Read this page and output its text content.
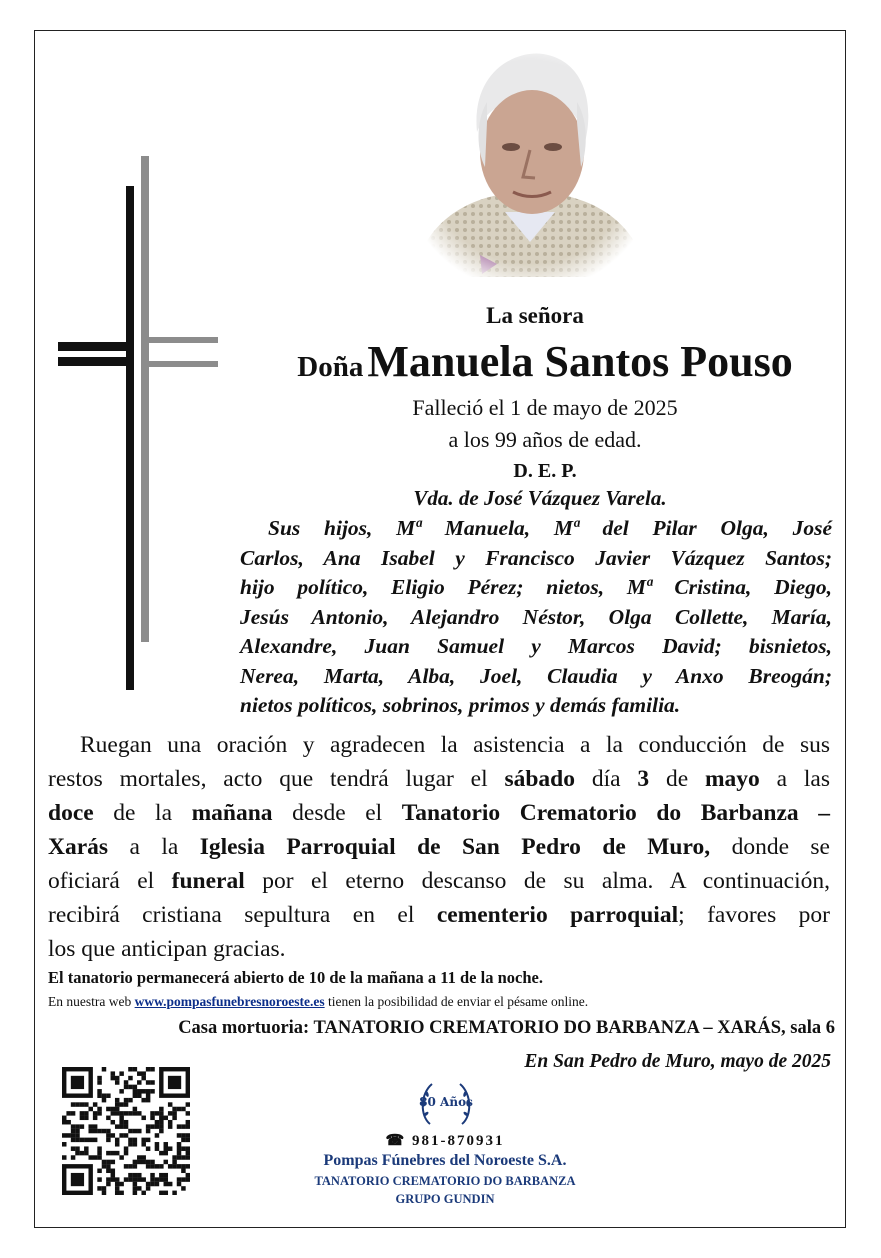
La señora
Doña Manuela Santos Pouso
Falleció el 1 de mayo de 2025
a los 99 años de edad.
D. E. P.
Vda. de José Vázquez Varela.
Sus hijos, Mª Manuela, Mª del Pilar Olga, José
Carlos, Ana Isabel y Francisco Javier Vázquez Santos;
hijo político, Eligio Pérez; nietos, Mª Cristina, Diego,
Jesús Antonio, Alejandro Néstor, Olga Collette, María,
Alexandre, Juan Samuel y Marcos David; bisnietos,
Nerea, Marta, Alba, Joel, Claudia y Anxo Breogán;
nietos políticos, sobrinos, primos y demás familia.
Ruegan una oración y agradecen la asistencia a la conducción de sus
restos mortales, acto que tendrá lugar el sábado día 3 de mayo a las
doce de la mañana desde el Tanatorio Crematorio do Barbanza –
Xarás a la Iglesia Parroquial de San Pedro de Muro, donde se
oficiará el funeral por el eterno descanso de su alma. A continuación,
recibirá cristiana sepultura en el cementerio parroquial; favores por
los que anticipan gracias.
El tanatorio permanecerá abierto de 10 de la mañana a 11 de la noche.
En nuestra web www.pompasfunebresnoroeste.es tienen la posibilidad de enviar el pésame online.
Casa mortuoria: TANATORIO CREMATORIO DO BARBANZA – XARÁS, sala 6
En San Pedro de Muro, mayo de 2025
80 Años
☎ 981-870931
Pompas Fúnebres del Noroeste S.A.
TANATORIO CREMATORIO DO BARBANZA
GRUPO GUNDIN
